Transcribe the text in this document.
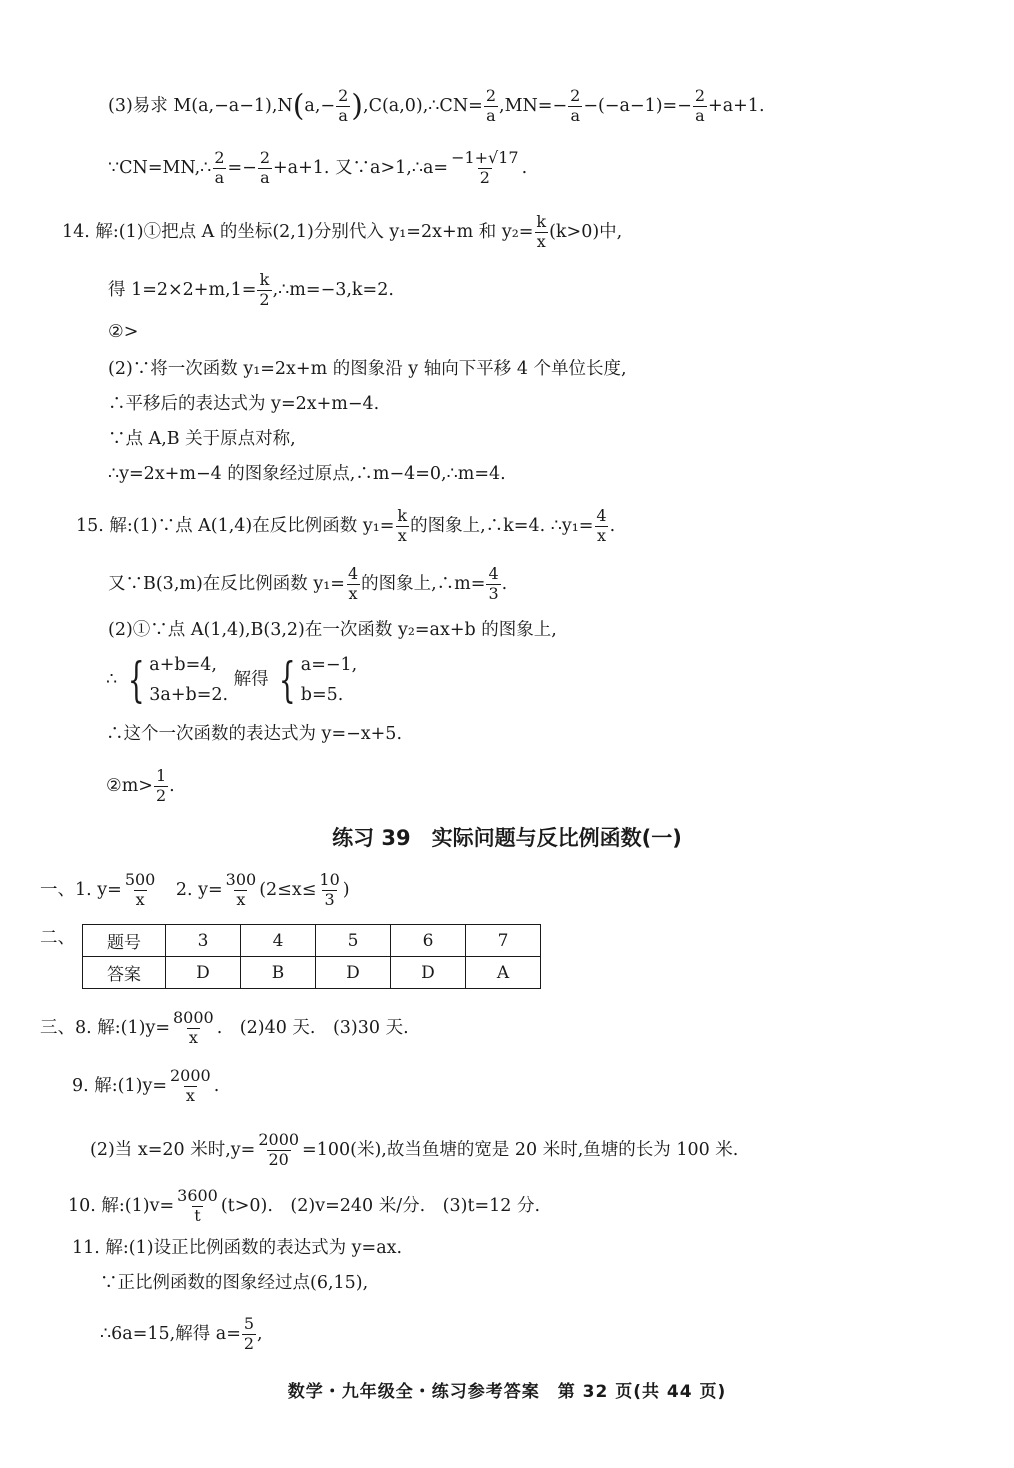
(3)易求 $M(a,-a-1),N(a,- \frac{2}{a}$ ),C(a,0),∴CN= $\frac{2}{a} ,MN=- \frac{2}{a} -(-a-1)=- \frac{2}{a} +a+1$.
∵CN=MN,∴ $\frac{2}{a} =- \frac{2}{a} +a+1$. 又∵a>1,∴a= $\frac{-1+√17}{2}$ .
14. 解:(1)①把点 A 的坐标(2,1)分别代入 y₁=2x+m 和 $y_2= \frac{k}{x} (k>0)$中,
得 $1=2\times 2+m,1= \frac{k}{2}$ ,∴m=−3,k=2.
②>
(2)∵将一次函数 y₁=2x+m 的图象沿 y 轴向下平移 4 个单位长度,
∴平移后的表达式为 y=2x+m−4.
∵点 A,B 关于原点对称,
∴y=2x+m−4 的图象经过原点,∴m−4=0,∴m=4.
15. 解:(1)∵点 A(1,4)在反比例函数 $y_1= \frac{k}{x}$ 的图象上,∴k=4. ∴y₁= $\frac{4}{x}$ .
又∵B(3,m)在反比例函数 $y_1= \frac{4}{x}$ 的图象上,∴m= $\frac{4}{3}$ .
(2)①∵点 A(1,4),B(3,2)在一次函数 y₂=ax+b 的图象上,
∴ { a+b=4,
3a+b=2.
解得 { a=−1,
b=5.
∴这个一次函数的表达式为 y=−x+5.
②m> $\frac{1}{2}$ .
练习 39　实际问题与反比例函数(一)
一、1. $y= \frac{500}{x}$ 　2. $y= \frac{300}{x} (2\le x\le \frac{10}{3}$ )
二、 题号	3	4	5	6	7
答案	D	B	D	D	A
三、8. 解:(1)y= $\frac{8000}{x}$ .　(2)40 天.　(3)30 天.
9. 解:(1)y= $\frac{2000}{x}$ .
(2)当 x=20 米时$,y= \frac{2000}{20} =100$(米),故当鱼塘的宽是 20 米时,鱼塘的长为 100 米.
10. 解:(1)v= $\frac{3600}{t} (t>0)$.　(2)v=240 米/分.　(3)t=12 分.
11. 解:(1)设正比例函数的表达式为 y=ax.
∵正比例函数的图象经过点(6,15),
∴6a=15,解得 $a= \frac{5}{2}$ ,
数学・九年级全・练习参考答案　第 32 页(共 44 页)
